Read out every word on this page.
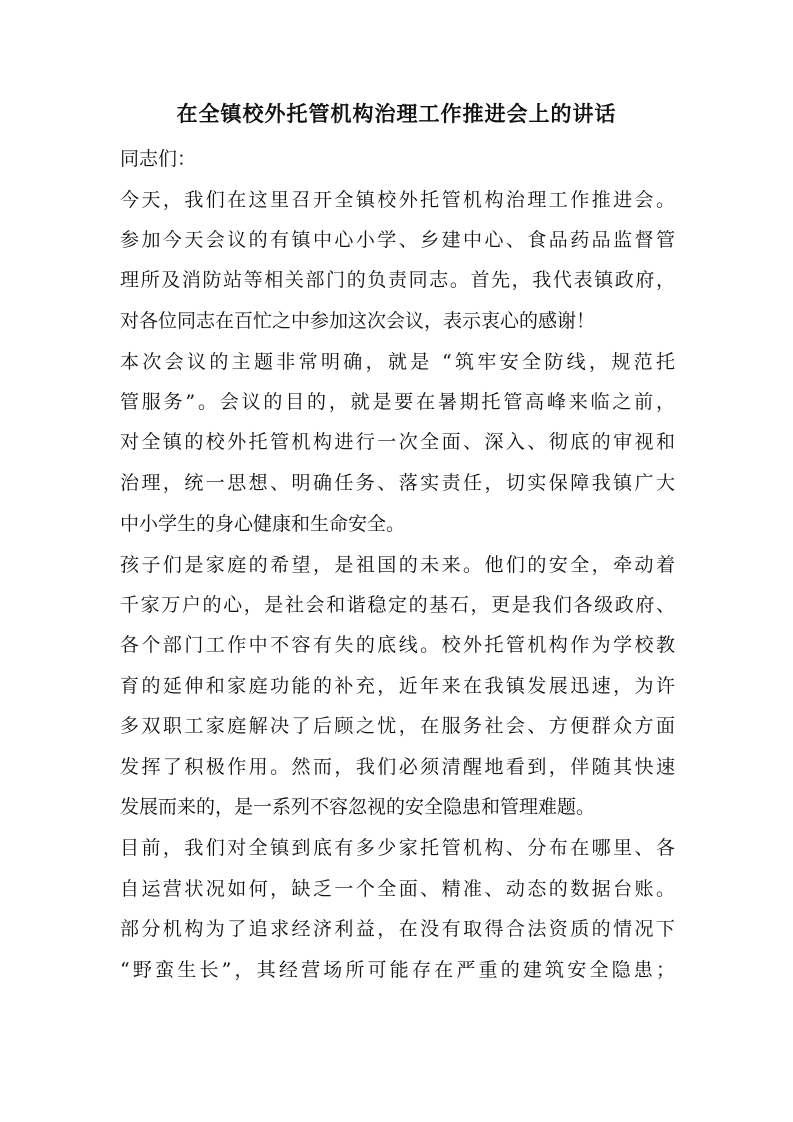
在全镇校外托管机构治理工作推进会上的讲话
同志们：
今天，我们在这里召开全镇校外托管机构治理工作推进会。
参加今天会议的有镇中心小学、乡建中心、食品药品监督管
理所及消防站等相关部门的负责同志。首先，我代表镇政府，
对各位同志在百忙之中参加这次会议，表示衷心的感谢！
本次会议的主题非常明确，就是 “筑牢安全防线，规范托
管服务”。会议的目的，就是要在暑期托管高峰来临之前，
对全镇的校外托管机构进行一次全面、深入、彻底的审视和
治理，统一思想、明确任务、落实责任，切实保障我镇广大
中小学生的身心健康和生命安全。
孩子们是家庭的希望，是祖国的未来。他们的安全，牵动着
千家万户的心，是社会和谐稳定的基石，更是我们各级政府、
各个部门工作中不容有失的底线。校外托管机构作为学校教
育的延伸和家庭功能的补充，近年来在我镇发展迅速，为许
多双职工家庭解决了后顾之忧，在服务社会、方便群众方面
发挥了积极作用。然而，我们必须清醒地看到，伴随其快速
发展而来的，是一系列不容忽视的安全隐患和管理难题。
目前，我们对全镇到底有多少家托管机构、分布在哪里、各
自运营状况如何，缺乏一个全面、精准、动态的数据台账。
部分机构为了追求经济利益，在没有取得合法资质的情况下
“野蛮生长”，其经营场所可能存在严重的建筑安全隐患；
